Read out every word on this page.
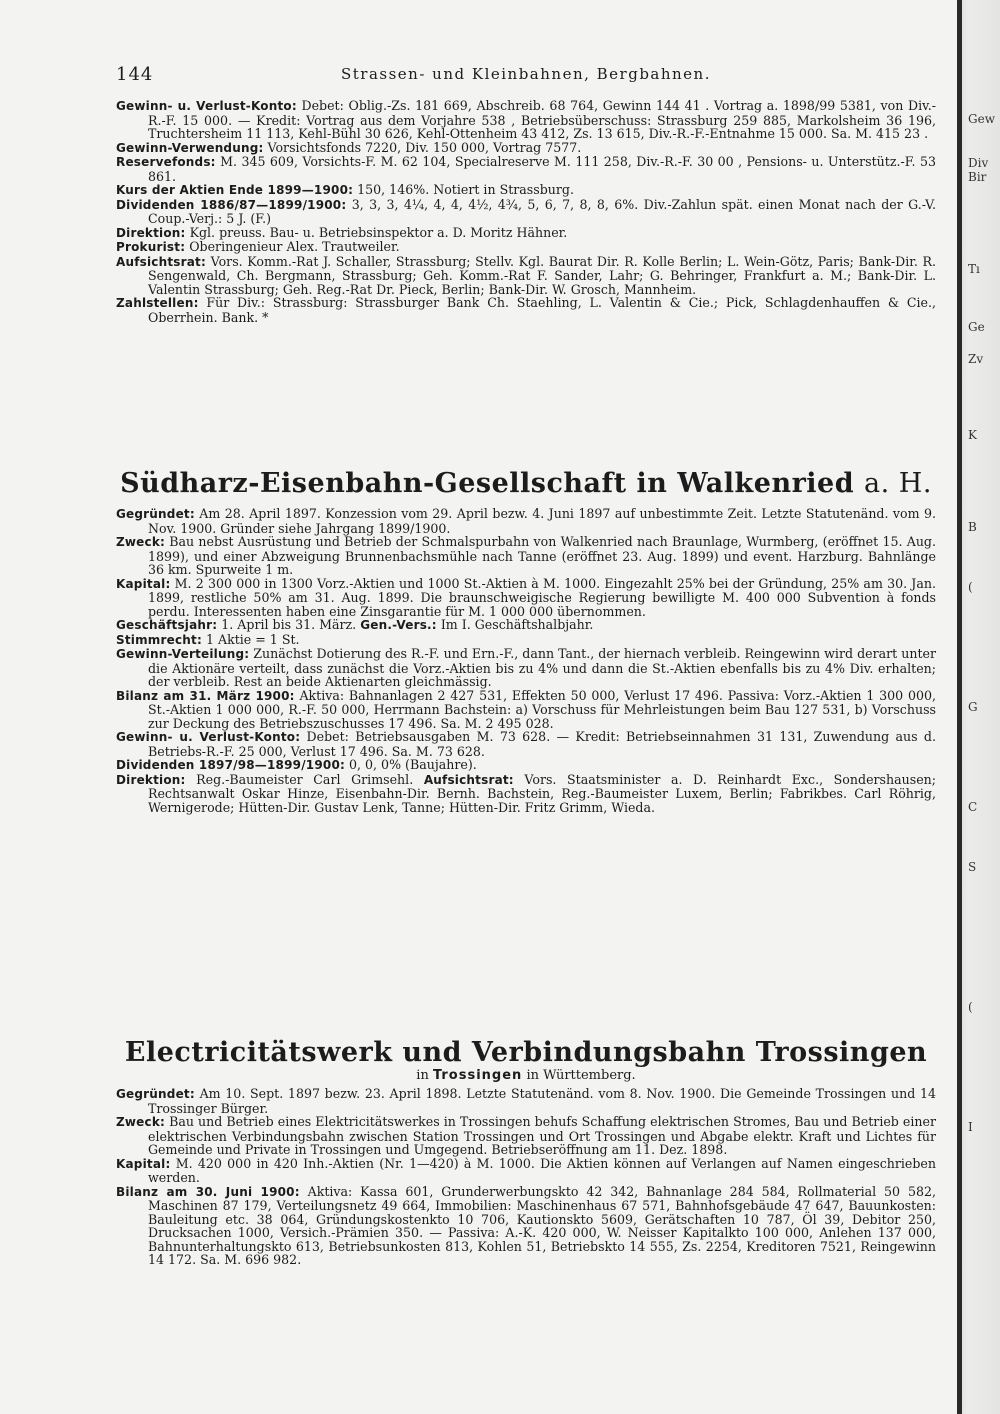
Gew
Div
Bir
Tı
Ge
Zv
K
B
(
G
C
S
(
I
144	Strassen- und Kleinbahnen, Bergbahnen.

Gewinn- u. Verlust-Konto: Debet: Oblig.-Zs. 181 669, Abschreib. 68 764, Gewinn 144 41 . Vortrag a. 1898/99 5381, von Div.-R.-F. 15 000. — Kredit: Vortrag aus dem Vorjahre 538 , Betriebsüberschuss: Strassburg 259 885, Markolsheim 36 196, Truchtersheim 11 113, Kehl-Bühl 30 626, Kehl-Ottenheim 43 412, Zs. 13 615, Div.-R.-F.-Entnahme 15 000. Sa. M. 415 23 .

Gewinn-Verwendung: Vorsichtsfonds 7220, Div. 150 000, Vortrag 7577.

Reservefonds: M. 345 609, Vorsichts-F. M. 62 104, Specialreserve M. 111 258, Div.-R.-F. 30 00 , Pensions- u. Unterstütz.-F. 53 861.

Kurs der Aktien Ende 1899—1900: 150, 146%. Notiert in Strassburg.

Dividenden 1886/87—1899/1900: 3, 3, 3, 4¼, 4, 4, 4½, 4¾, 5, 6, 7, 8, 8, 6%. Div.-Zahlun spät. einen Monat nach der G.-V. Coup.-Verj.: 5 J. (F.)

Direktion: Kgl. preuss. Bau- u. Betriebsinspektor a. D. Moritz Hähner.

Prokurist: Oberingenieur Alex. Trautweiler.

Aufsichtsrat: Vors. Komm.-Rat J. Schaller, Strassburg; Stellv. Kgl. Baurat Dir. R. Kolle Berlin; L. Wein-Götz, Paris; Bank-Dir. R. Sengenwald, Ch. Bergmann, Strassburg; Geh. Komm.-Rat F. Sander, Lahr; G. Behringer, Frankfurt a. M.; Bank-Dir. L. Valentin Strassburg; Geh. Reg.-Rat Dr. Pieck, Berlin; Bank-Dir. W. Grosch, Mannheim.

Zahlstellen: Für Div.: Strassburg: Strassburger Bank Ch. Staehling, L. Valentin & Cie.; Pick, Schlagdenhauffen & Cie., Oberrhein. Bank. *

Südharz-Eisenbahn-Gesellschaft in Walkenried a. H.

Gegründet: Am 28. April 1897. Konzession vom 29. April bezw. 4. Juni 1897 auf unbestimmte Zeit. Letzte Statutenänd. vom 9. Nov. 1900. Gründer siehe Jahrgang 1899/1900.

Zweck: Bau nebst Ausrüstung und Betrieb der Schmalspurbahn von Walkenried nach Braunlage, Wurmberg, (eröffnet 15. Aug. 1899), und einer Abzweigung Brunnenbachsmühle nach Tanne (eröffnet 23. Aug. 1899) und event. Harzburg. Bahnlänge 36 km. Spurweite 1 m.

Kapital: M. 2 300 000 in 1300 Vorz.-Aktien und 1000 St.-Aktien à M. 1000. Eingezahlt 25% bei der Gründung, 25% am 30. Jan. 1899, restliche 50% am 31. Aug. 1899. Die braunschweigische Regierung bewilligte M. 400 000 Subvention à fonds perdu. Interessenten haben eine Zinsgarantie für M. 1 000 000 übernommen.

Geschäftsjahr: 1. April bis 31. März. Gen.-Vers.: Im I. Geschäftshalbjahr.

Stimmrecht: 1 Aktie = 1 St.

Gewinn-Verteilung: Zunächst Dotierung des R.-F. und Ern.-F., dann Tant., der hiernach verbleib. Reingewinn wird derart unter die Aktionäre verteilt, dass zunächst die Vorz.-Aktien bis zu 4% und dann die St.-Aktien ebenfalls bis zu 4% Div. erhalten; der verbleib. Rest an beide Aktienarten gleichmässig.

Bilanz am 31. März 1900: Aktiva: Bahnanlagen 2 427 531, Effekten 50 000, Verlust 17 496. Passiva: Vorz.-Aktien 1 300 000, St.-Aktien 1 000 000, R.-F. 50 000, Herrmann Bachstein: a) Vorschuss für Mehrleistungen beim Bau 127 531, b) Vorschuss zur Deckung des Betriebszuschusses 17 496. Sa. M. 2 495 028.

Gewinn- u. Verlust-Konto: Debet: Betriebsausgaben M. 73 628. — Kredit: Betriebseinnahmen 31 131, Zuwendung aus d. Betriebs-R.-F. 25 000, Verlust 17 496. Sa. M. 73 628.

Dividenden 1897/98—1899/1900: 0, 0, 0% (Baujahre).

Direktion: Reg.-Baumeister Carl Grimsehl. Aufsichtsrat: Vors. Staatsminister a. D. Reinhardt Exc., Sondershausen; Rechtsanwalt Oskar Hinze, Eisenbahn-Dir. Bernh. Bachstein, Reg.-Baumeister Luxem, Berlin; Fabrikbes. Carl Röhrig, Wernigerode; Hütten-Dir. Gustav Lenk, Tanne; Hütten-Dir. Fritz Grimm, Wieda.

Electricitätswerk und Verbindungsbahn Trossingen

in Trossingen in Württemberg.

Gegründet: Am 10. Sept. 1897 bezw. 23. April 1898. Letzte Statutenänd. vom 8. Nov. 1900. Die Gemeinde Trossingen und 14 Trossinger Bürger.

Zweck: Bau und Betrieb eines Elektricitätswerkes in Trossingen behufs Schaffung elektrischen Stromes, Bau und Betrieb einer elektrischen Verbindungsbahn zwischen Station Trossingen und Ort Trossingen und Abgabe elektr. Kraft und Lichtes für Gemeinde und Private in Trossingen und Umgegend. Betriebseröffnung am 11. Dez. 1898.

Kapital: M. 420 000 in 420 Inh.-Aktien (Nr. 1—420) à M. 1000. Die Aktien können auf Verlangen auf Namen eingeschrieben werden.

Bilanz am 30. Juni 1900: Aktiva: Kassa 601, Grunderwerbungskto 42 342, Bahnanlage 284 584, Rollmaterial 50 582, Maschinen 87 179, Verteilungsnetz 49 664, Immobilien: Maschinenhaus 67 571, Bahnhofsgebäude 47 647, Bauunkosten: Bauleitung etc. 38 064, Gründungskostenkto 10 706, Kautionskto 5609, Gerätschaften 10 787, Öl 39, Debitor 250, Drucksachen 1000, Versich.-Prämien 350. — Passiva: A.-K. 420 000, W. Neisser Kapitalkto 100 000, Anlehen 137 000, Bahnunterhaltungskto 613, Betriebsunkosten 813, Kohlen 51, Betriebskto 14 555, Zs. 2254, Kreditoren 7521, Reingewinn 14 172. Sa. M. 696 982.
